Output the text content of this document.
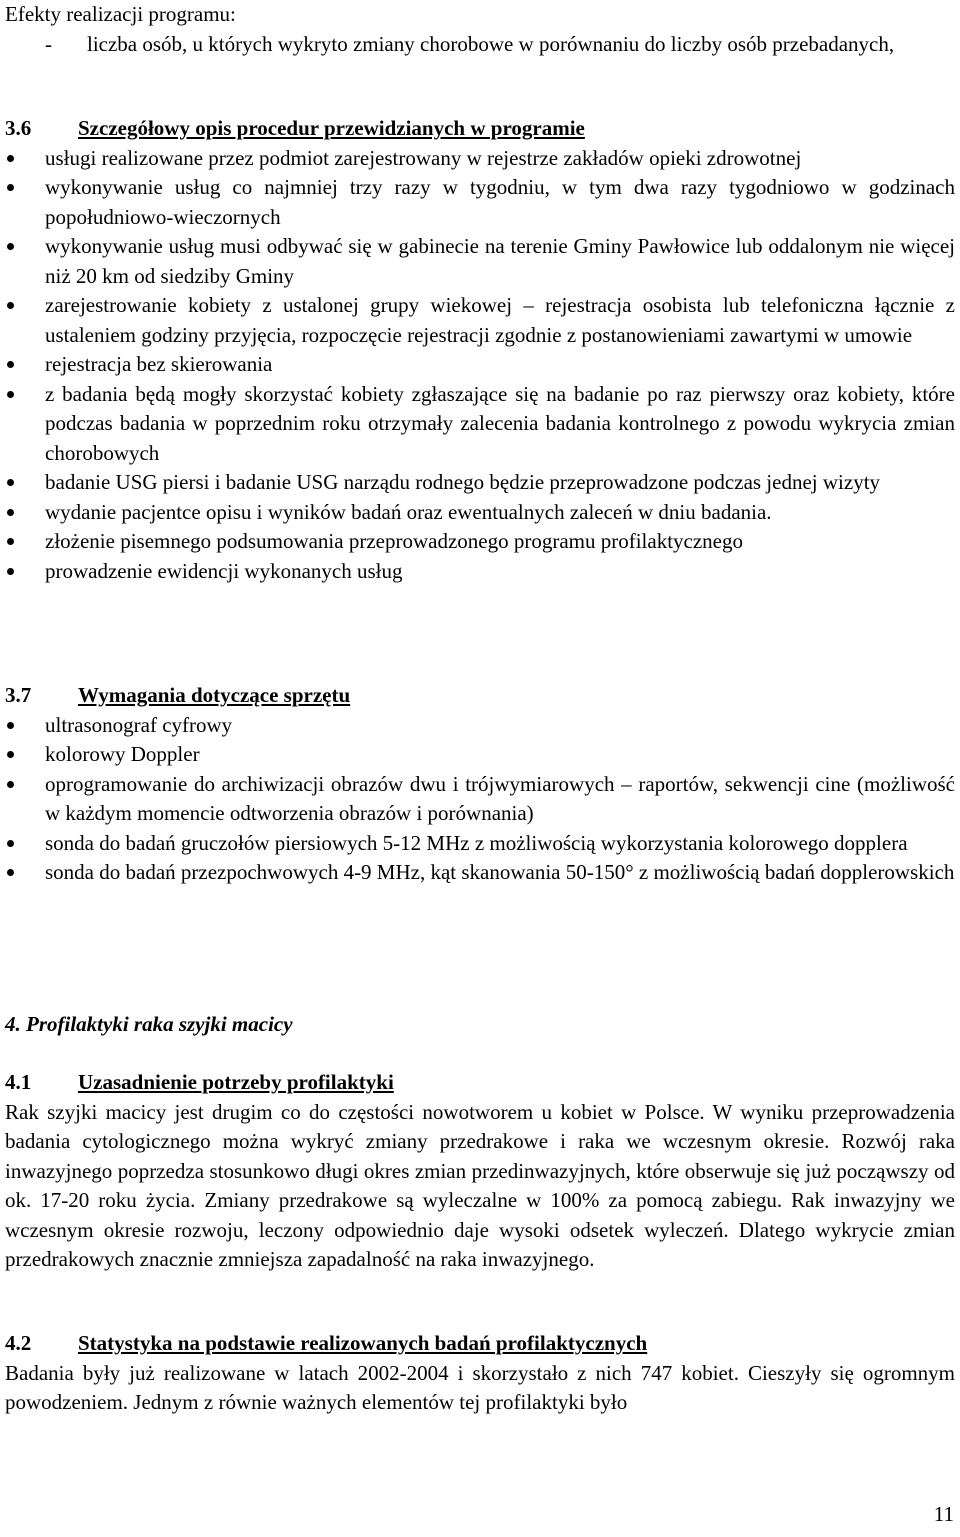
Efekty realizacji programu:
- liczba osób, u których wykryto zmiany chorobowe w porównaniu do liczby osób przebadanych,
3.6 Szczegółowy opis procedur przewidzianych w programie
usługi realizowane przez podmiot zarejestrowany w rejestrze zakładów opieki zdrowotnej
wykonywanie usług co najmniej trzy razy w tygodniu, w tym dwa razy tygodniowo w godzinach popołudniowo-wieczornych
wykonywanie usług musi odbywać się w gabinecie na terenie Gminy Pawłowice lub oddalonym nie więcej niż 20 km od siedziby Gminy
zarejestrowanie kobiety z ustalonej grupy wiekowej – rejestracja osobista lub telefoniczna łącznie z ustaleniem godziny przyjęcia, rozpoczęcie rejestracji zgodnie z postanowieniami zawartymi w umowie
rejestracja bez skierowania
z badania będą mogły skorzystać kobiety zgłaszające się na badanie po raz pierwszy oraz kobiety, które podczas badania w poprzednim roku otrzymały zalecenia badania kontrolnego z powodu wykrycia zmian chorobowych
badanie USG piersi i badanie USG narządu rodnego będzie przeprowadzone podczas jednej wizyty
wydanie pacjentce opisu i wyników badań oraz ewentualnych zaleceń w dniu badania.
złożenie pisemnego podsumowania przeprowadzonego programu profilaktycznego
prowadzenie ewidencji wykonanych usług
3.7 Wymagania dotyczące sprzętu
ultrasonograf cyfrowy
kolorowy Doppler
oprogramowanie do archiwizacji obrazów dwu i trójwymiarowych – raportów, sekwencji cine (możliwość w każdym momencie odtworzenia obrazów i porównania)
sonda do badań gruczołów piersiowych 5-12 MHz z możliwością wykorzystania kolorowego dopplera
sonda do badań przezpochwowych 4-9 MHz, kąt skanowania 50-150° z możliwością badań dopplerowskich
4. Profilaktyki raka szyjki macicy
4.1 Uzasadnienie potrzeby profilaktyki
Rak szyjki macicy jest drugim co do częstości nowotworem u kobiet w Polsce. W wyniku przeprowadzenia badania cytologicznego można wykryć zmiany przedrakowe i raka we wczesnym okresie. Rozwój raka inwazyjnego poprzedza stosunkowo długi okres zmian przedinwazyjnych, które obserwuje się już począwszy od ok. 17-20 roku życia. Zmiany przedrakowe są wyleczalne w 100% za pomocą zabiegu. Rak inwazyjny we wczesnym okresie rozwoju, leczony odpowiednio daje wysoki odsetek wyleczeń. Dlatego wykrycie zmian przedrakowych znacznie zmniejsza zapadalność na raka inwazyjnego.
4.2 Statystyka na podstawie realizowanych badań profilaktycznych
Badania były już realizowane w latach 2002-2004 i skorzystało z nich 747 kobiet. Cieszyły się ogromnym powodzeniem. Jednym z równie ważnych elementów tej profilaktyki było
11
